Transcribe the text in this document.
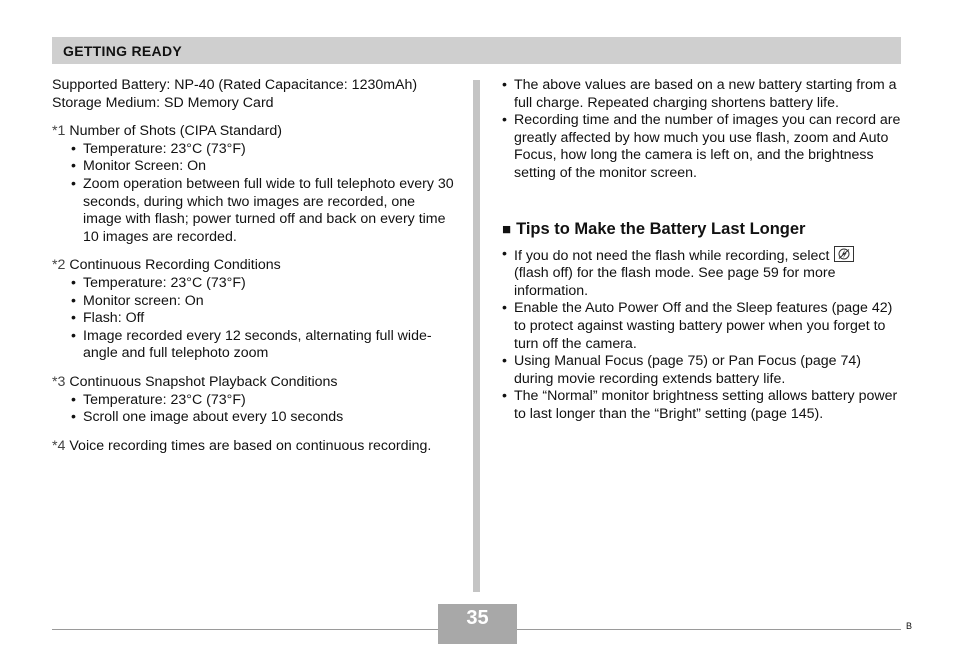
GETTING READY

Supported Battery: NP-40 (Rated Capacitance: 1230mAh)

Storage Medium: SD Memory Card

*1 Number of Shots (CIPA Standard)

• Temperature: 23°C (73°F)

• Monitor Screen: On

• Zoom operation between full wide to full telephoto every 30 seconds, during which two images are recorded, one image with flash; power turned off and back on every time 10 images are recorded.

*2 Continuous Recording Conditions

• Temperature: 23°C (73°F)

• Monitor screen: On

• Flash: Off

• Image recorded every 12 seconds, alternating full wide-angle and full telephoto zoom

*3 Continuous Snapshot Playback Conditions

• Temperature: 23°C (73°F)

• Scroll one image about every 10 seconds

*4 Voice recording times are based on continuous recording.

• The above values are based on a new battery starting from a full charge. Repeated charging shortens battery life.

• Recording time and the number of images you can record are greatly affected by how much you use flash, zoom and Auto Focus, how long the camera is left on, and the brightness setting of the monitor screen.

■ Tips to Make the Battery Last Longer

• If you do not need the flash while recording, select

(flash off) for the flash mode. See page 59 for more information.

• Enable the Auto Power Off and the Sleep features (page 42) to protect against wasting battery power when you forget to turn off the camera.

• Using Manual Focus (page 75) or Pan Focus (page 74) during movie recording extends battery life.

• The “Normal” monitor brightness setting allows battery power to last longer than the “Bright” setting (page 145).

35	B
